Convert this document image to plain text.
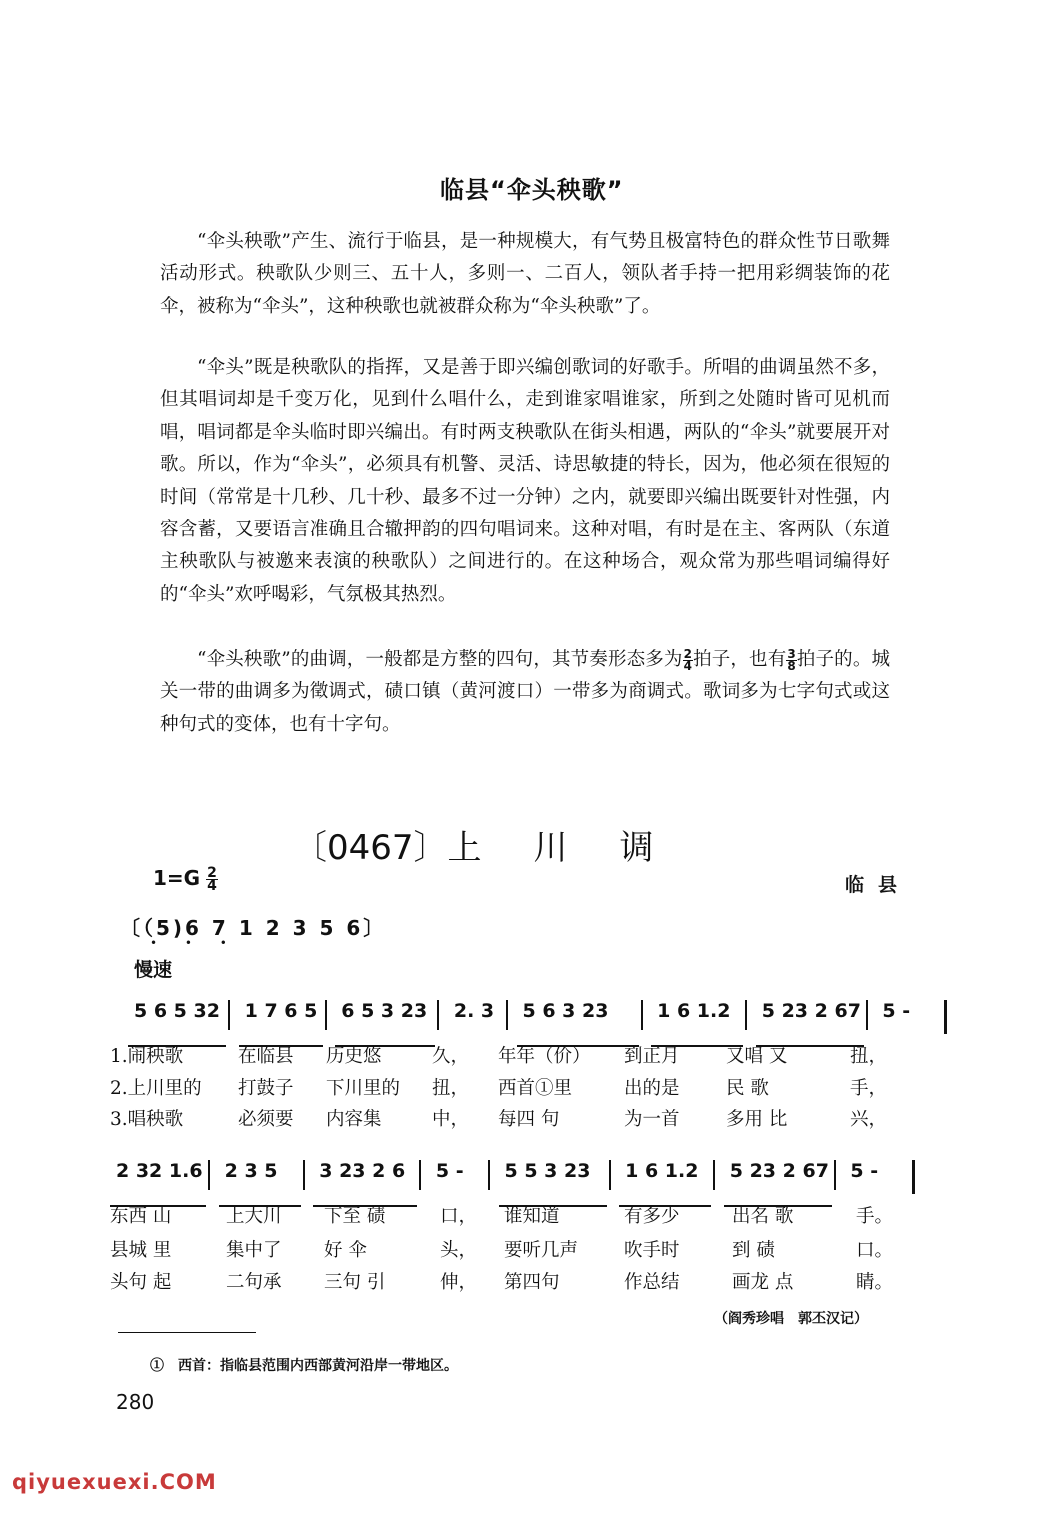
临县“伞头秧歌”

“伞头秧歌”产生、流行于临县，是一种规模大，有气势且极富特色的群众性节日歌舞活动形式。秧歌队少则三、五十人，多则一、二百人，领队者手持一把用彩绸装饰的花伞，被称为“伞头”，这种秧歌也就被群众称为“伞头秧歌”了。

“伞头”既是秧歌队的指挥，又是善于即兴编创歌词的好歌手。所唱的曲调虽然不多，但其唱词却是千变万化，见到什么唱什么，走到谁家唱谁家，所到之处随时皆可见机而唱，唱词都是伞头临时即兴编出。有时两支秧歌队在街头相遇，两队的“伞头”就要展开对歌。所以，作为“伞头”，必须具有机警、灵活、诗思敏捷的特长，因为，他必须在很短的时间（常常是十几秒、几十秒、最多不过一分钟）之内，就要即兴编出既要针对性强，内容含蓄，又要语言准确且合辙押韵的四句唱词来。这种对唱，有时是在主、客两队（东道主秧歌队与被邀来表演的秧歌队）之间进行的。在这种场合，观众常为那些唱词编得好的“伞头”欢呼喝彩，气氛极其热烈。

“伞头秧歌”的曲调，一般都是方整的四句，其节奏形态多为 $\frac{2}{4}$ 拍子，也有 $\frac{3}{8}$ 拍子的。城关一带的曲调多为徵调式，碛口镇（黄河渡口）一带多为商调式。歌词多为七字句式或这种句式的变体，也有十字句。

〔0467〕上川调
$1=G \frac{2}{4}$	临县
〔（5)6 7 1 2 3 5 6〕
• • •
慢速
5 6 5 32 1 7 6 5 6 5 3 23 2. 3 5 6 3 23	1 6 1.2 5 23 2 67 5 -
1.闹秧歌	在临县 历史悠	久， 年年（价） 到正月	又唱 又	扭，
2.上川里的 打鼓子 下川里的 扭， 西首①里	出的是	民 歌	手，
3.唱秧歌	必须要 内容集	中， 每四 句	为一首	多用 比	兴，
2 32 1.6 2 3 5 3 23 2 6 5 - 5 5 3 23 1 6 1.2 5 23 2 67 5 -
东西 山	上大川 下至 碛	口， 谁知道	有多少	出名 歌	手。
县城 里	集中了 好 伞	头， 要听几声 吹手时	到 碛	口。
头句 起	二句承 三句 引	伸， 第四句	作总结	画龙 点	睛。
（阎秀珍唱　郭丕汉记）
①　西首：指临县范围内西部黄河沿岸一带地区。
280
qiyuexuexi.COM
